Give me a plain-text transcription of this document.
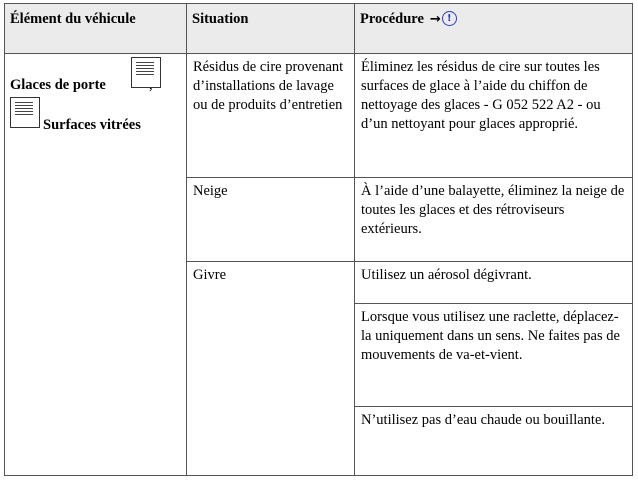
Élément du véhicule	Situation	Procédure → !

Glaces de porte
Surfaces vitrées	Résidus de cire provenant d’installations de lavage ou de produits d’entretien	Éliminez les résidus de cire sur toutes les surfaces de glace à l’aide du chiffon de nettoyage des glaces - G 052 522 A2 - ou d’un nettoyant pour glaces approprié.
	Neige	À l’aide d’une balayette, éliminez la neige de toutes les glaces et des rétroviseurs extérieurs.
	Givre	Utilisez un aérosol dégivrant.
		Lorsque vous utilisez une raclette, déplacez-la uniquement dans un sens. Ne faites pas de mouvements de va-et-vient.
		N’utilisez pas d’eau chaude ou bouillante.
